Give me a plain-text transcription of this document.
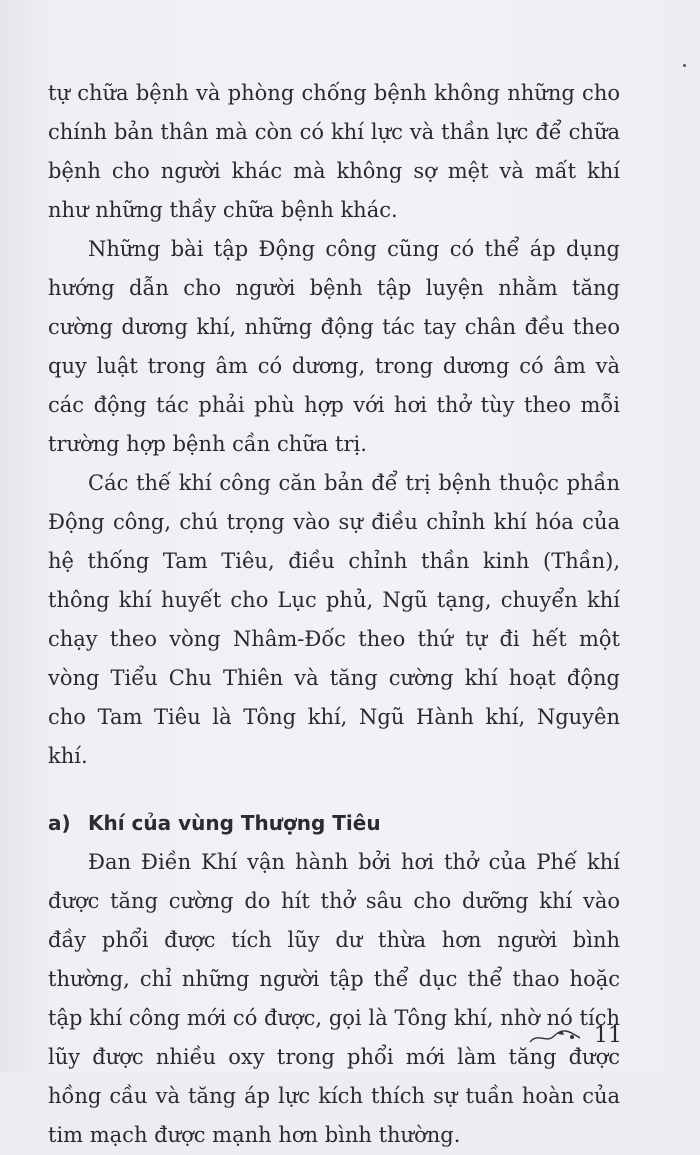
tự chữa bệnh và phòng chống bệnh không những cho chính bản thân mà còn có khí lực và thần lực để chữa bệnh cho người khác mà không sợ mệt và mất khí như những thầy chữa bệnh khác.

Những bài tập Động công cũng có thể áp dụng hướng dẫn cho người bệnh tập luyện nhằm tăng cường dương khí, những động tác tay chân đều theo quy luật trong âm có dương, trong dương có âm và các động tác phải phù hợp với hơi thở tùy theo mỗi trường hợp bệnh cần chữa trị.

Các thế khí công căn bản để trị bệnh thuộc phần Động công, chú trọng vào sự điều chỉnh khí hóa của hệ thống Tam Tiêu, điều chỉnh thần kinh (Thần), thông khí huyết cho Lục phủ, Ngũ tạng, chuyển khí chạy theo vòng Nhâm-Đốc theo thứ tự đi hết một vòng Tiểu Chu Thiên và tăng cường khí hoạt động cho Tam Tiêu là Tông khí, Ngũ Hành khí, Nguyên khí.

a) Khí của vùng Thượng Tiêu

Đan Điền Khí vận hành bởi hơi thở của Phế khí được tăng cường do hít thở sâu cho dưỡng khí vào đầy phổi được tích lũy dư thừa hơn người bình thường, chỉ những người tập thể dục thể thao hoặc tập khí công mới có được, gọi là Tông khí, nhờ nó tích lũy được nhiều oxy trong phổi mới làm tăng được hồng cầu và tăng áp lực kích thích sự tuần hoàn của tim mạch được mạnh hơn bình thường.

11
